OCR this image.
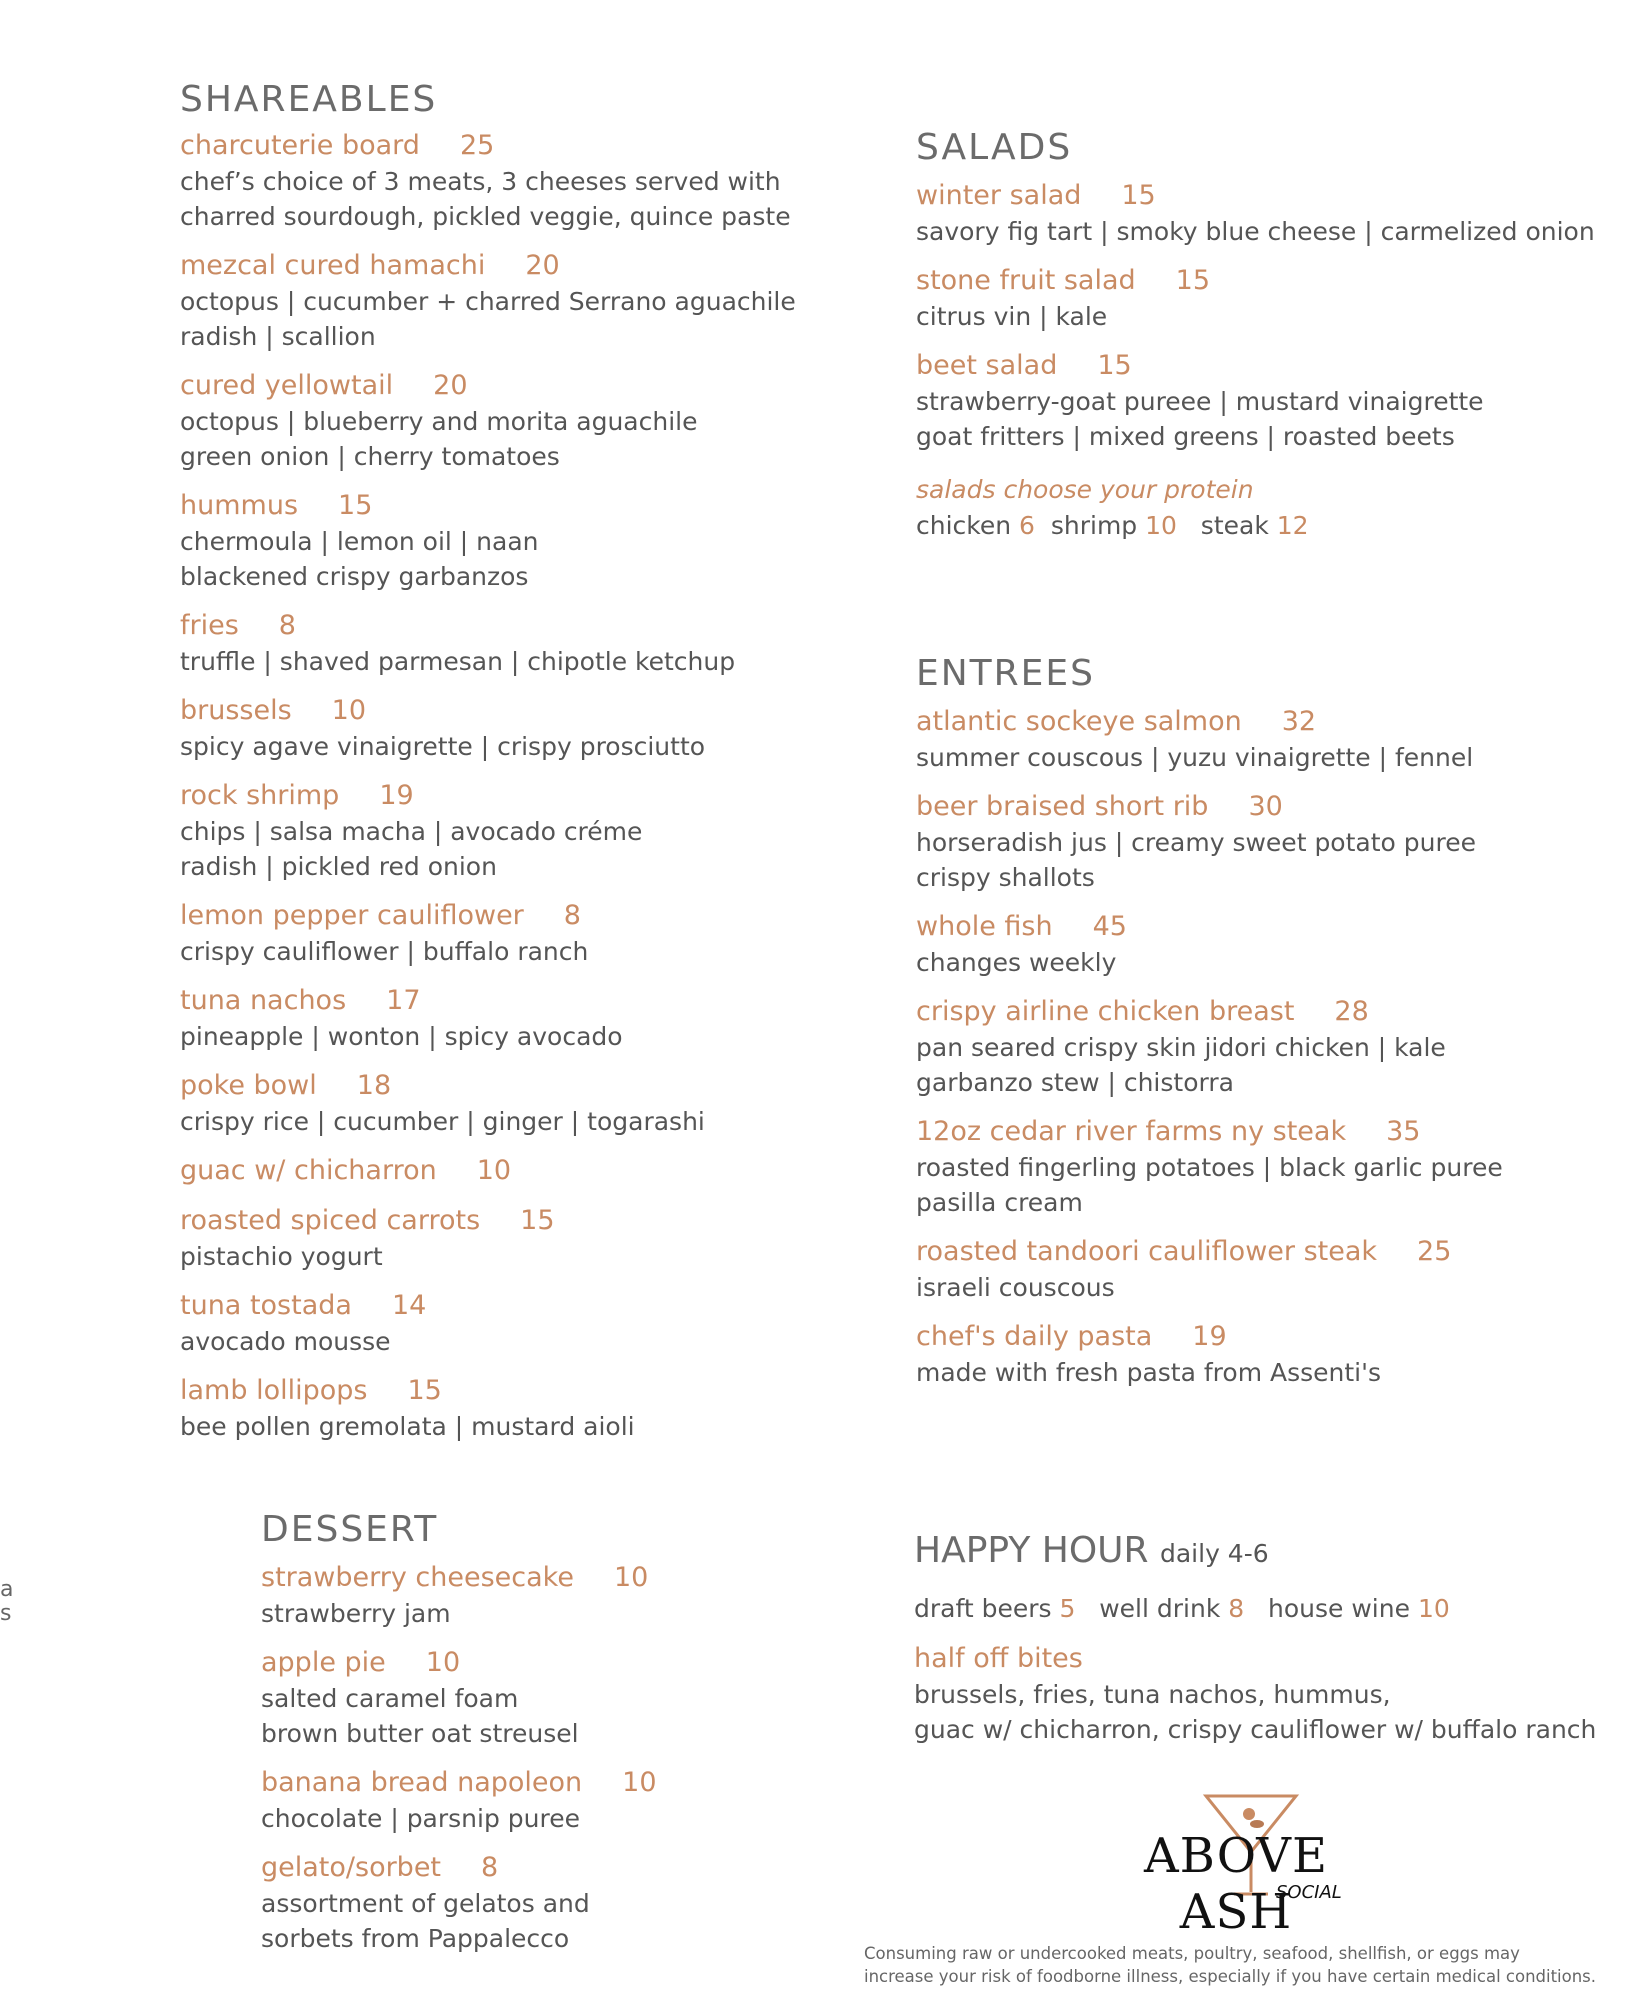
SHAREABLES
charcuterie board 25
chef’s choice of 3 meats, 3 cheeses served with
charred sourdough, pickled veggie, quince paste
mezcal cured hamachi 20
octopus | cucumber + charred Serrano aguachile
radish | scallion
cured yellowtail 20
octopus | blueberry and morita aguachile
green onion | cherry tomatoes
hummus 15
chermoula | lemon oil | naan
blackened crispy garbanzos
fries 8
truffle | shaved parmesan | chipotle ketchup
brussels 10
spicy agave vinaigrette | crispy prosciutto
rock shrimp 19
chips | salsa macha | avocado créme
radish | pickled red onion
lemon pepper cauliflower 8
crispy cauliflower | buffalo ranch
tuna nachos 17
pineapple | wonton | spicy avocado
poke bowl 18
crispy rice | cucumber | ginger | togarashi
guac w/ chicharron 10
roasted spiced carrots 15
pistachio yogurt
tuna tostada 14
avocado mousse
lamb lollipops 15
bee pollen gremolata | mustard aioli
SALADS
winter salad 15
savory fig tart | smoky blue cheese | carmelized onion
stone fruit salad 15
citrus vin | kale
beet salad 15
strawberry-goat pureee | mustard vinaigrette
goat fritters | mixed greens | roasted beets
salads choose your protein
chicken 6 shrimp 10 steak 12
ENTREES
atlantic sockeye salmon 32
summer couscous | yuzu vinaigrette | fennel
beer braised short rib 30
horseradish jus | creamy sweet potato puree
crispy shallots
whole fish 45
changes weekly
crispy airline chicken breast 28
pan seared crispy skin jidori chicken | kale
garbanzo stew | chistorra
12oz cedar river farms ny steak 35
roasted fingerling potatoes | black garlic puree
pasilla cream
roasted tandoori cauliflower steak 25
israeli couscous
chef's daily pasta 19
made with fresh pasta from Assenti's
DESSERT
strawberry cheesecake 10
strawberry jam
apple pie 10
salted caramel foam
brown butter oat streusel
banana bread napoleon 10
chocolate | parsnip puree
gelato/sorbet 8
assortment of gelatos and
sorbets from Pappalecco
a
s
HAPPY HOUR daily 4-6
draft beers 5 well drink 8 house wine 10
half off bites
brussels, fries, tuna nachos, hummus,
guac w/ chicharron, crispy cauliflower w/ buffalo ranch
ABOVE ASH
SOCIAL
Consuming raw or undercooked meats, poultry, seafood, shellfish, or eggs may
increase your risk of foodborne illness, especially if you have certain medical conditions.
